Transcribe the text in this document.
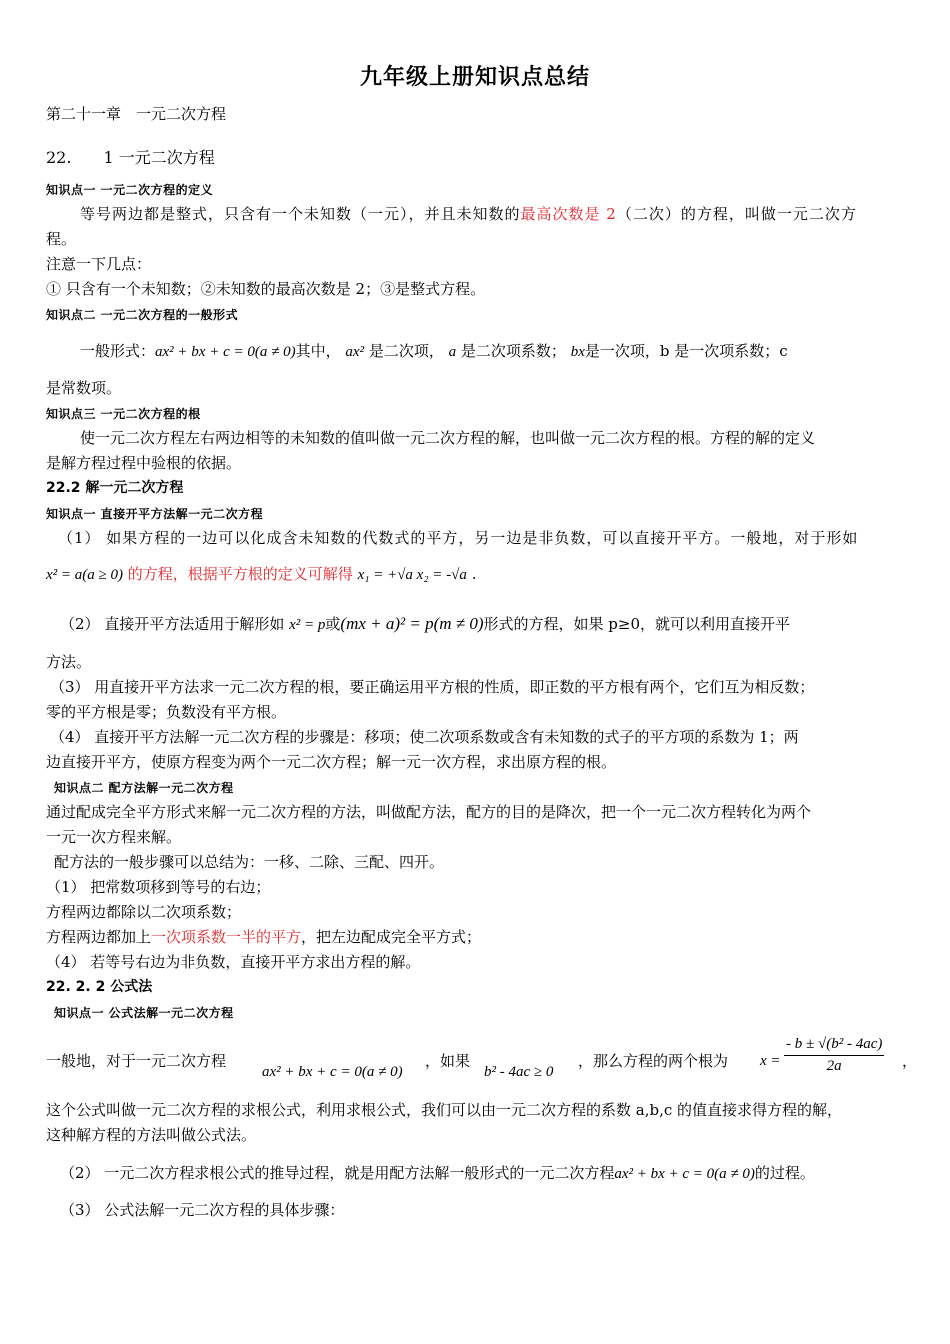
九年级上册知识点总结
第二十一章　一元二次方程
22.　　1 一元二次方程
知识点一 一元二次方程的定义
等号两边都是整式，只含有一个未知数（一元），并且未知数的最高次数是 2（二次）的方程，叫做一元二次方
程。
注意一下几点：
① 只含有一个未知数；②未知数的最高次数是 2；③是整式方程。
知识点二 一元二次方程的一般形式
一般形式：ax² + bx + c = 0(a ≠ 0)其中， ax² 是二次项， a 是二次项系数； bx是一次项，b 是一次项系数；c
是常数项。
知识点三 一元二次方程的根
使一元二次方程左右两边相等的未知数的值叫做一元二次方程的解，也叫做一元二次方程的根。方程的解的定义
是解方程过程中验根的依据。
22.2 解一元二次方程
知识点一 直接开平方法解一元二次方程
（1） 如果方程的一边可以化成含未知数的代数式的平方，另一边是非负数，可以直接开平方。一般地，对于形如
x² = a(a ≥ 0) 的方程，根据平方根的定义可解得 x₁ = +√a x₂ = -√a .
（2） 直接开平方法适用于解形如 x² = p或(mx + a)² = p(m ≠ 0)形式的方程，如果 p≥0，就可以利用直接开平
方法。
（3） 用直接开平方法求一元二次方程的根，要正确运用平方根的性质，即正数的平方根有两个，它们互为相反数；
零的平方根是零；负数没有平方根。
（4） 直接开平方法解一元二次方程的步骤是：移项；使二次项系数或含有未知数的式子的平方项的系数为 1；两
边直接开平方，使原方程变为两个一元二次方程；解一元一次方程，求出原方程的根。
知识点二 配方法解一元二次方程
通过配成完全平方形式来解一元二次方程的方法，叫做配方法，配方的目的是降次，把一个一元二次方程转化为两个
一元一次方程来解。
配方法的一般步骤可以总结为：一移、二除、三配、四开。
（1） 把常数项移到等号的右边；
方程两边都除以二次项系数；
方程两边都加上一次项系数一半的平方，把左边配成完全平方式；
（4） 若等号右边为非负数，直接开平方求出方程的解。
22. 2. 2 公式法
知识点一 公式法解一元二次方程
一般地，对于一元二次方程
ax² + bx + c = 0(a ≠ 0)
，如果
b² - 4ac ≥ 0
，那么方程的两个根为 $x = \frac{\text{- b ± √(b² - 4ac)}}{2a}$ ，
这个公式叫做一元二次方程的求根公式，利用求根公式，我们可以由一元二次方程的系数 a,b,c 的值直接求得方程的解，
这种解方程的方法叫做公式法。
（2） 一元二次方程求根公式的推导过程，就是用配方法解一般形式的一元二次方程ax² + bx + c = 0(a ≠ 0)的过程。
（3） 公式法解一元二次方程的具体步骤：
